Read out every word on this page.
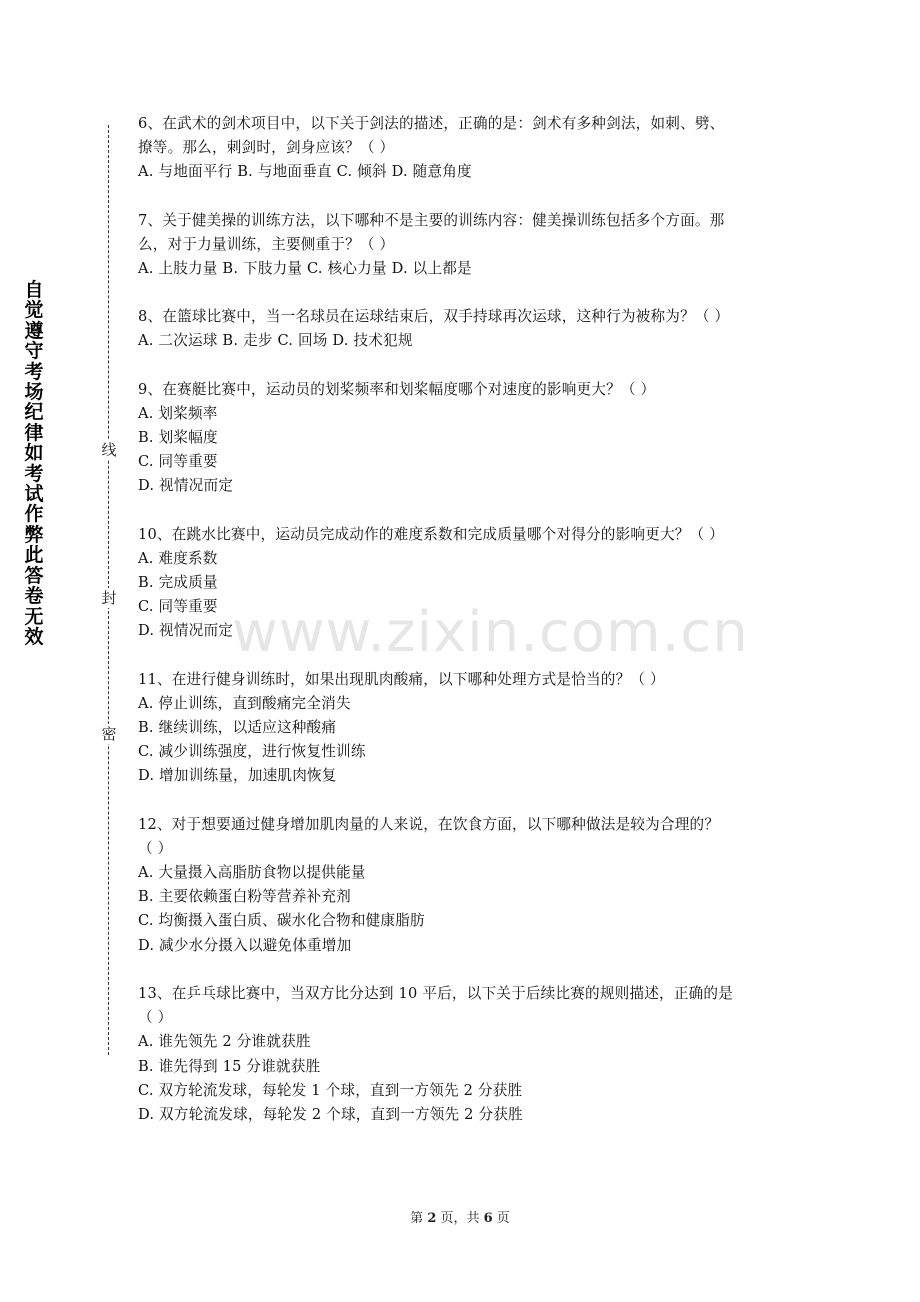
自
觉
遵
守
考
场
纪
律
如
考
试
作
弊
此
答
卷
无
效
线
封
密

6、在武术的剑术项目中，以下关于剑法的描述，正确的是：剑术有多种剑法，如刺、劈、

撩等。那么，刺剑时，剑身应该？（ ）

A. 与地面平行 B. 与地面垂直 C. 倾斜 D. 随意角度

7、关于健美操的训练方法，以下哪种不是主要的训练内容：健美操训练包括多个方面。那

么，对于力量训练，主要侧重于？（ ）

A. 上肢力量 B. 下肢力量 C. 核心力量 D. 以上都是

8、在篮球比赛中，当一名球员在运球结束后，双手持球再次运球，这种行为被称为？（ ）

A. 二次运球 B. 走步 C. 回场 D. 技术犯规

9、在赛艇比赛中，运动员的划桨频率和划桨幅度哪个对速度的影响更大？（ ）

A. 划桨频率

B. 划桨幅度

C. 同等重要

D. 视情况而定

10、在跳水比赛中，运动员完成动作的难度系数和完成质量哪个对得分的影响更大？（ ）

A. 难度系数

B. 完成质量

C. 同等重要

D. 视情况而定

11、在进行健身训练时，如果出现肌肉酸痛，以下哪种处理方式是恰当的？（ ）

A. 停止训练，直到酸痛完全消失

B. 继续训练，以适应这种酸痛

C. 减少训练强度，进行恢复性训练

D. 增加训练量，加速肌肉恢复

12、对于想要通过健身增加肌肉量的人来说，在饮食方面，以下哪种做法是较为合理的？

（ ）

A. 大量摄入高脂肪食物以提供能量

B. 主要依赖蛋白粉等营养补充剂

C. 均衡摄入蛋白质、碳水化合物和健康脂肪

D. 减少水分摄入以避免体重增加

13、在乒乓球比赛中，当双方比分达到 10 平后，以下关于后续比赛的规则描述，正确的是

（ ）

A. 谁先领先 2 分谁就获胜

B. 谁先得到 15 分谁就获胜

C. 双方轮流发球，每轮发 1 个球，直到一方领先 2 分获胜

D. 双方轮流发球，每轮发 2 个球，直到一方领先 2 分获胜

www.zixin.com.cn
第 2 页，共 6 页
